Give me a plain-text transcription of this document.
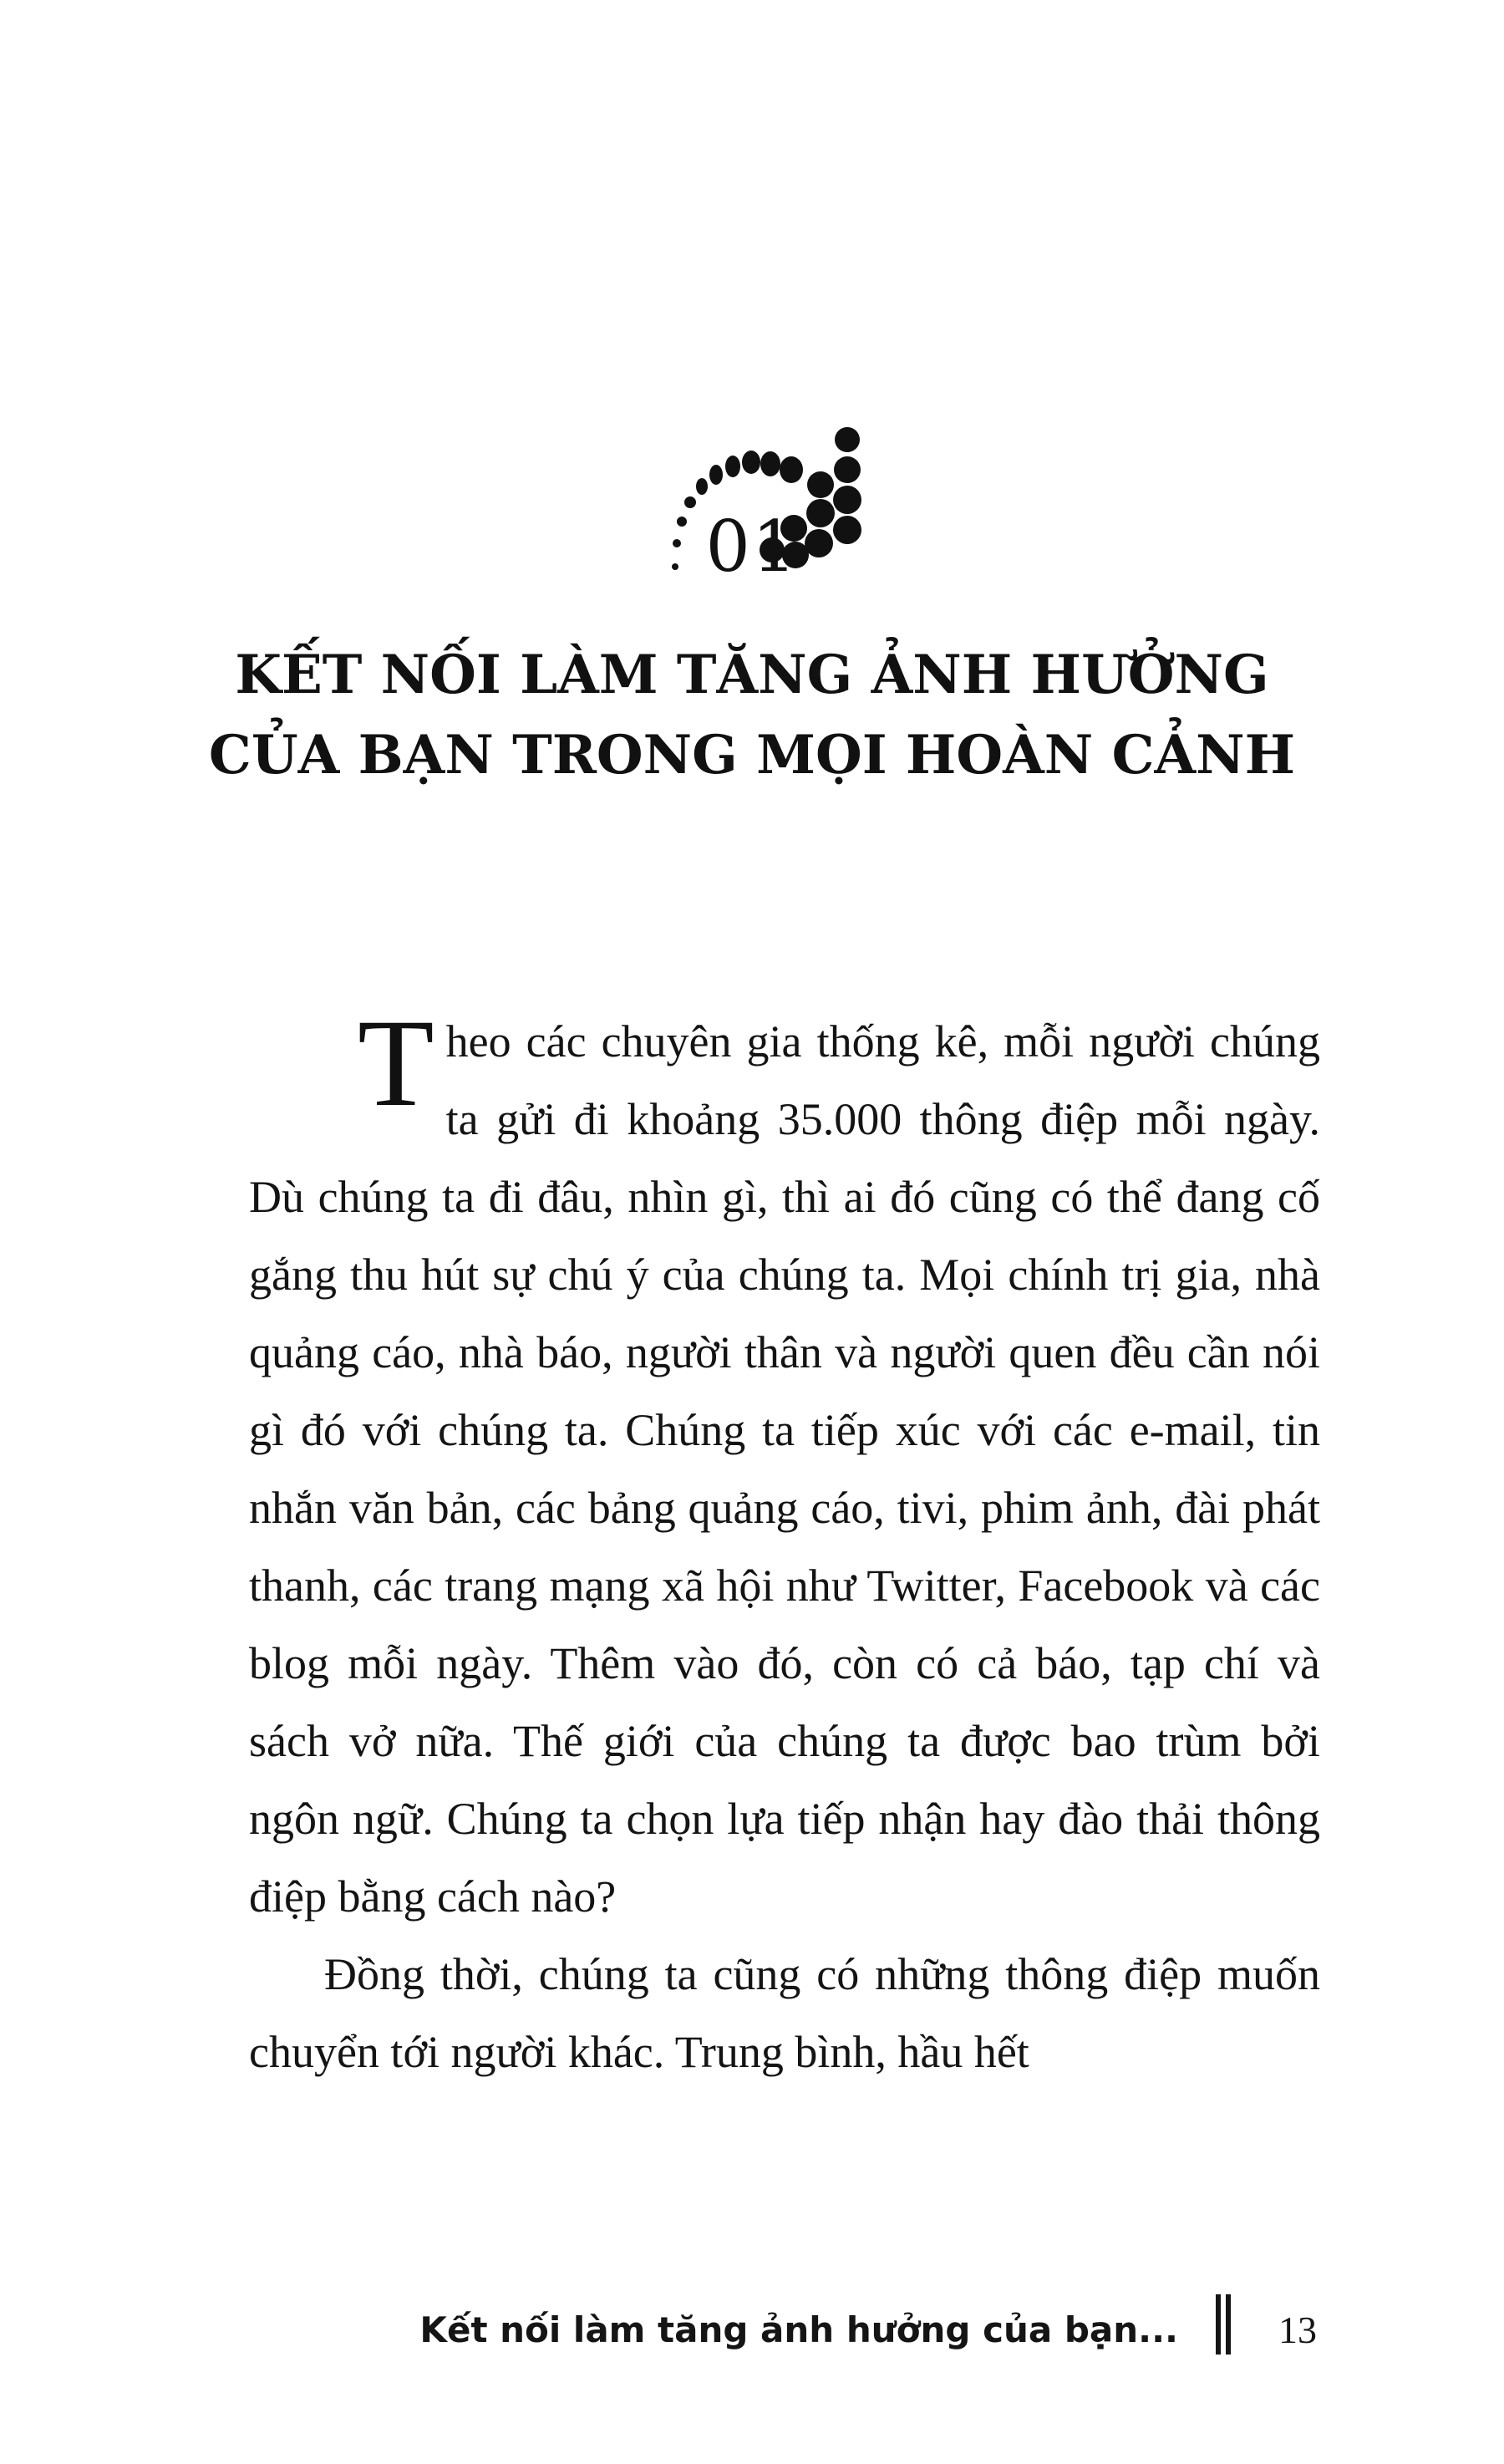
01
KẾT NỐI LÀM TĂNG ẢNH HƯỞNG
CỦA BẠN TRONG MỌI HOÀN CẢNH

Theo các chuyên gia thống kê, mỗi người chúng ta gửi đi khoảng 35.000 thông điệp mỗi ngày. Dù chúng ta đi đâu, nhìn gì, thì ai đó cũng có thể đang cố gắng thu hút sự chú ý của chúng ta. Mọi chính trị gia, nhà quảng cáo, nhà báo, người thân và người quen đều cần nói gì đó với chúng ta. Chúng ta tiếp xúc với các e-mail, tin nhắn văn bản, các bảng quảng cáo, tivi, phim ảnh, đài phát thanh, các trang mạng xã hội như Twitter, Facebook và các blog mỗi ngày. Thêm vào đó, còn có cả báo, tạp chí và sách vở nữa. Thế giới của chúng ta được bao trùm bởi ngôn ngữ. Chúng ta chọn lựa tiếp nhận hay đào thải thông điệp bằng cách nào?

Đồng thời, chúng ta cũng có những thông điệp muốn chuyển tới người khác. Trung bình, hầu hết

Kết nối làm tăng ảnh hưởng của bạn...	13
